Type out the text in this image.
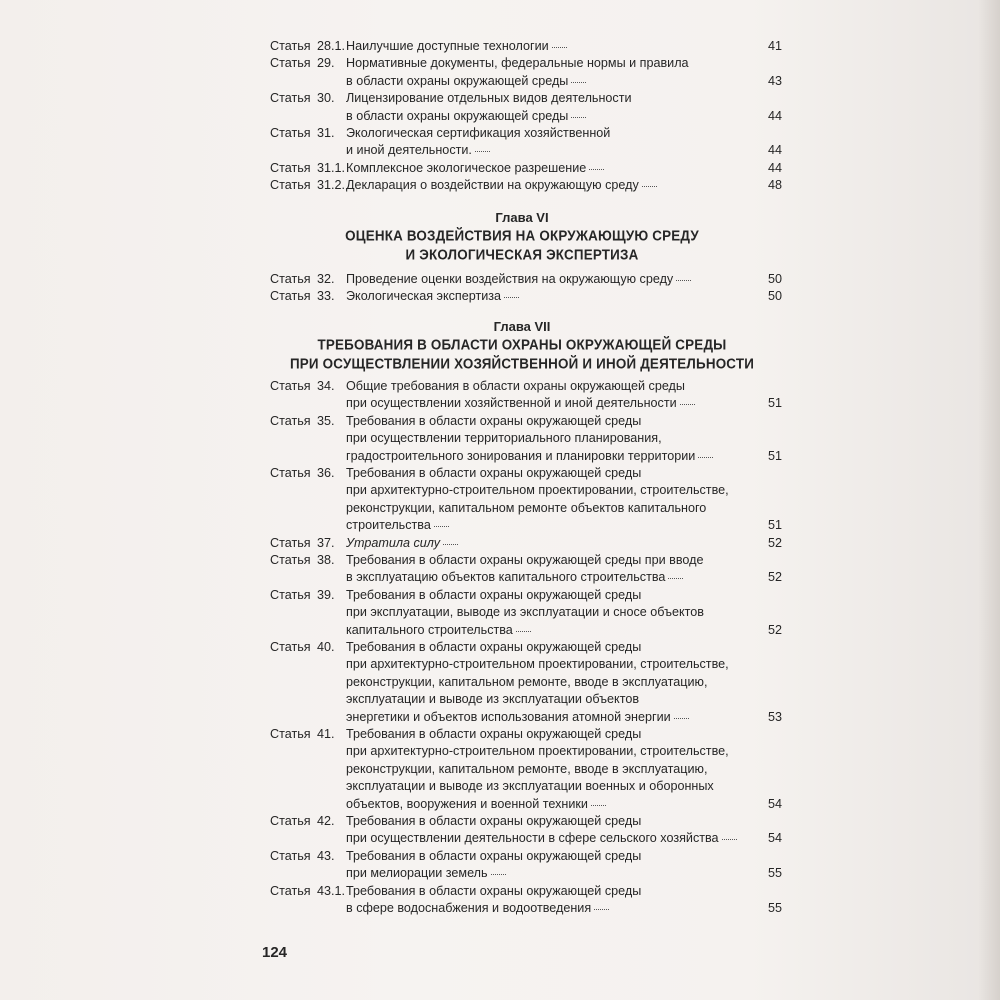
Статья 28.1. Наилучшие доступные технологии	41
Статья 29. Нормативные документы, федеральные нормы и правила
в области охраны окружающей среды	43
Статья 30. Лицензирование отдельных видов деятельности
в области охраны окружающей среды	44
Статья 31. Экологическая сертификация хозяйственной
и иной деятельности.	44
Статья 31.1. Комплексное экологическое разрешение	44
Статья 31.2. Декларация о воздействии на окружающую среду	48
Глава VI
ОЦЕНКА ВОЗДЕЙСТВИЯ НА ОКРУЖАЮЩУЮ СРЕДУ
И ЭКОЛОГИЧЕСКАЯ ЭКСПЕРТИЗА
Статья 32. Проведение оценки воздействия на окружающую среду	50
Статья 33. Экологическая экспертиза	50
Глава VII
ТРЕБОВАНИЯ В ОБЛАСТИ ОХРАНЫ ОКРУЖАЮЩЕЙ СРЕДЫ
ПРИ ОСУЩЕСТВЛЕНИИ ХОЗЯЙСТВЕННОЙ И ИНОЙ ДЕЯТЕЛЬНОСТИ
Статья 34. Общие требования в области охраны окружающей среды
при осуществлении хозяйственной и иной деятельности	51
Статья 35. Требования в области охраны окружающей среды
при осуществлении территориального планирования,
градостроительного зонирования и планировки территории	51
Статья 36. Требования в области охраны окружающей среды
при архитектурно-строительном проектировании, строительстве,
реконструкции, капитальном ремонте объектов капитального
строительства	51
Статья 37. Утратила силу	52
Статья 38. Требования в области охраны окружающей среды при вводе
в эксплуатацию объектов капитального строительства	52
Статья 39. Требования в области охраны окружающей среды
при эксплуатации, выводе из эксплуатации и сносе объектов
капитального строительства	52
Статья 40. Требования в области охраны окружающей среды
при архитектурно-строительном проектировании, строительстве,
реконструкции, капитальном ремонте, вводе в эксплуатацию,
эксплуатации и выводе из эксплуатации объектов
энергетики и объектов использования атомной энергии	53
Статья 41. Требования в области охраны окружающей среды
при архитектурно-строительном проектировании, строительстве,
реконструкции, капитальном ремонте, вводе в эксплуатацию,
эксплуатации и выводе из эксплуатации военных и оборонных
объектов, вооружения и военной техники	54
Статья 42. Требования в области охраны окружающей среды
при осуществлении деятельности в сфере сельского хозяйства	54
Статья 43. Требования в области охраны окружающей среды
при мелиорации земель	55
Статья 43.1. Требования в области охраны окружающей среды
в сфере водоснабжения и водоотведения	55
124
